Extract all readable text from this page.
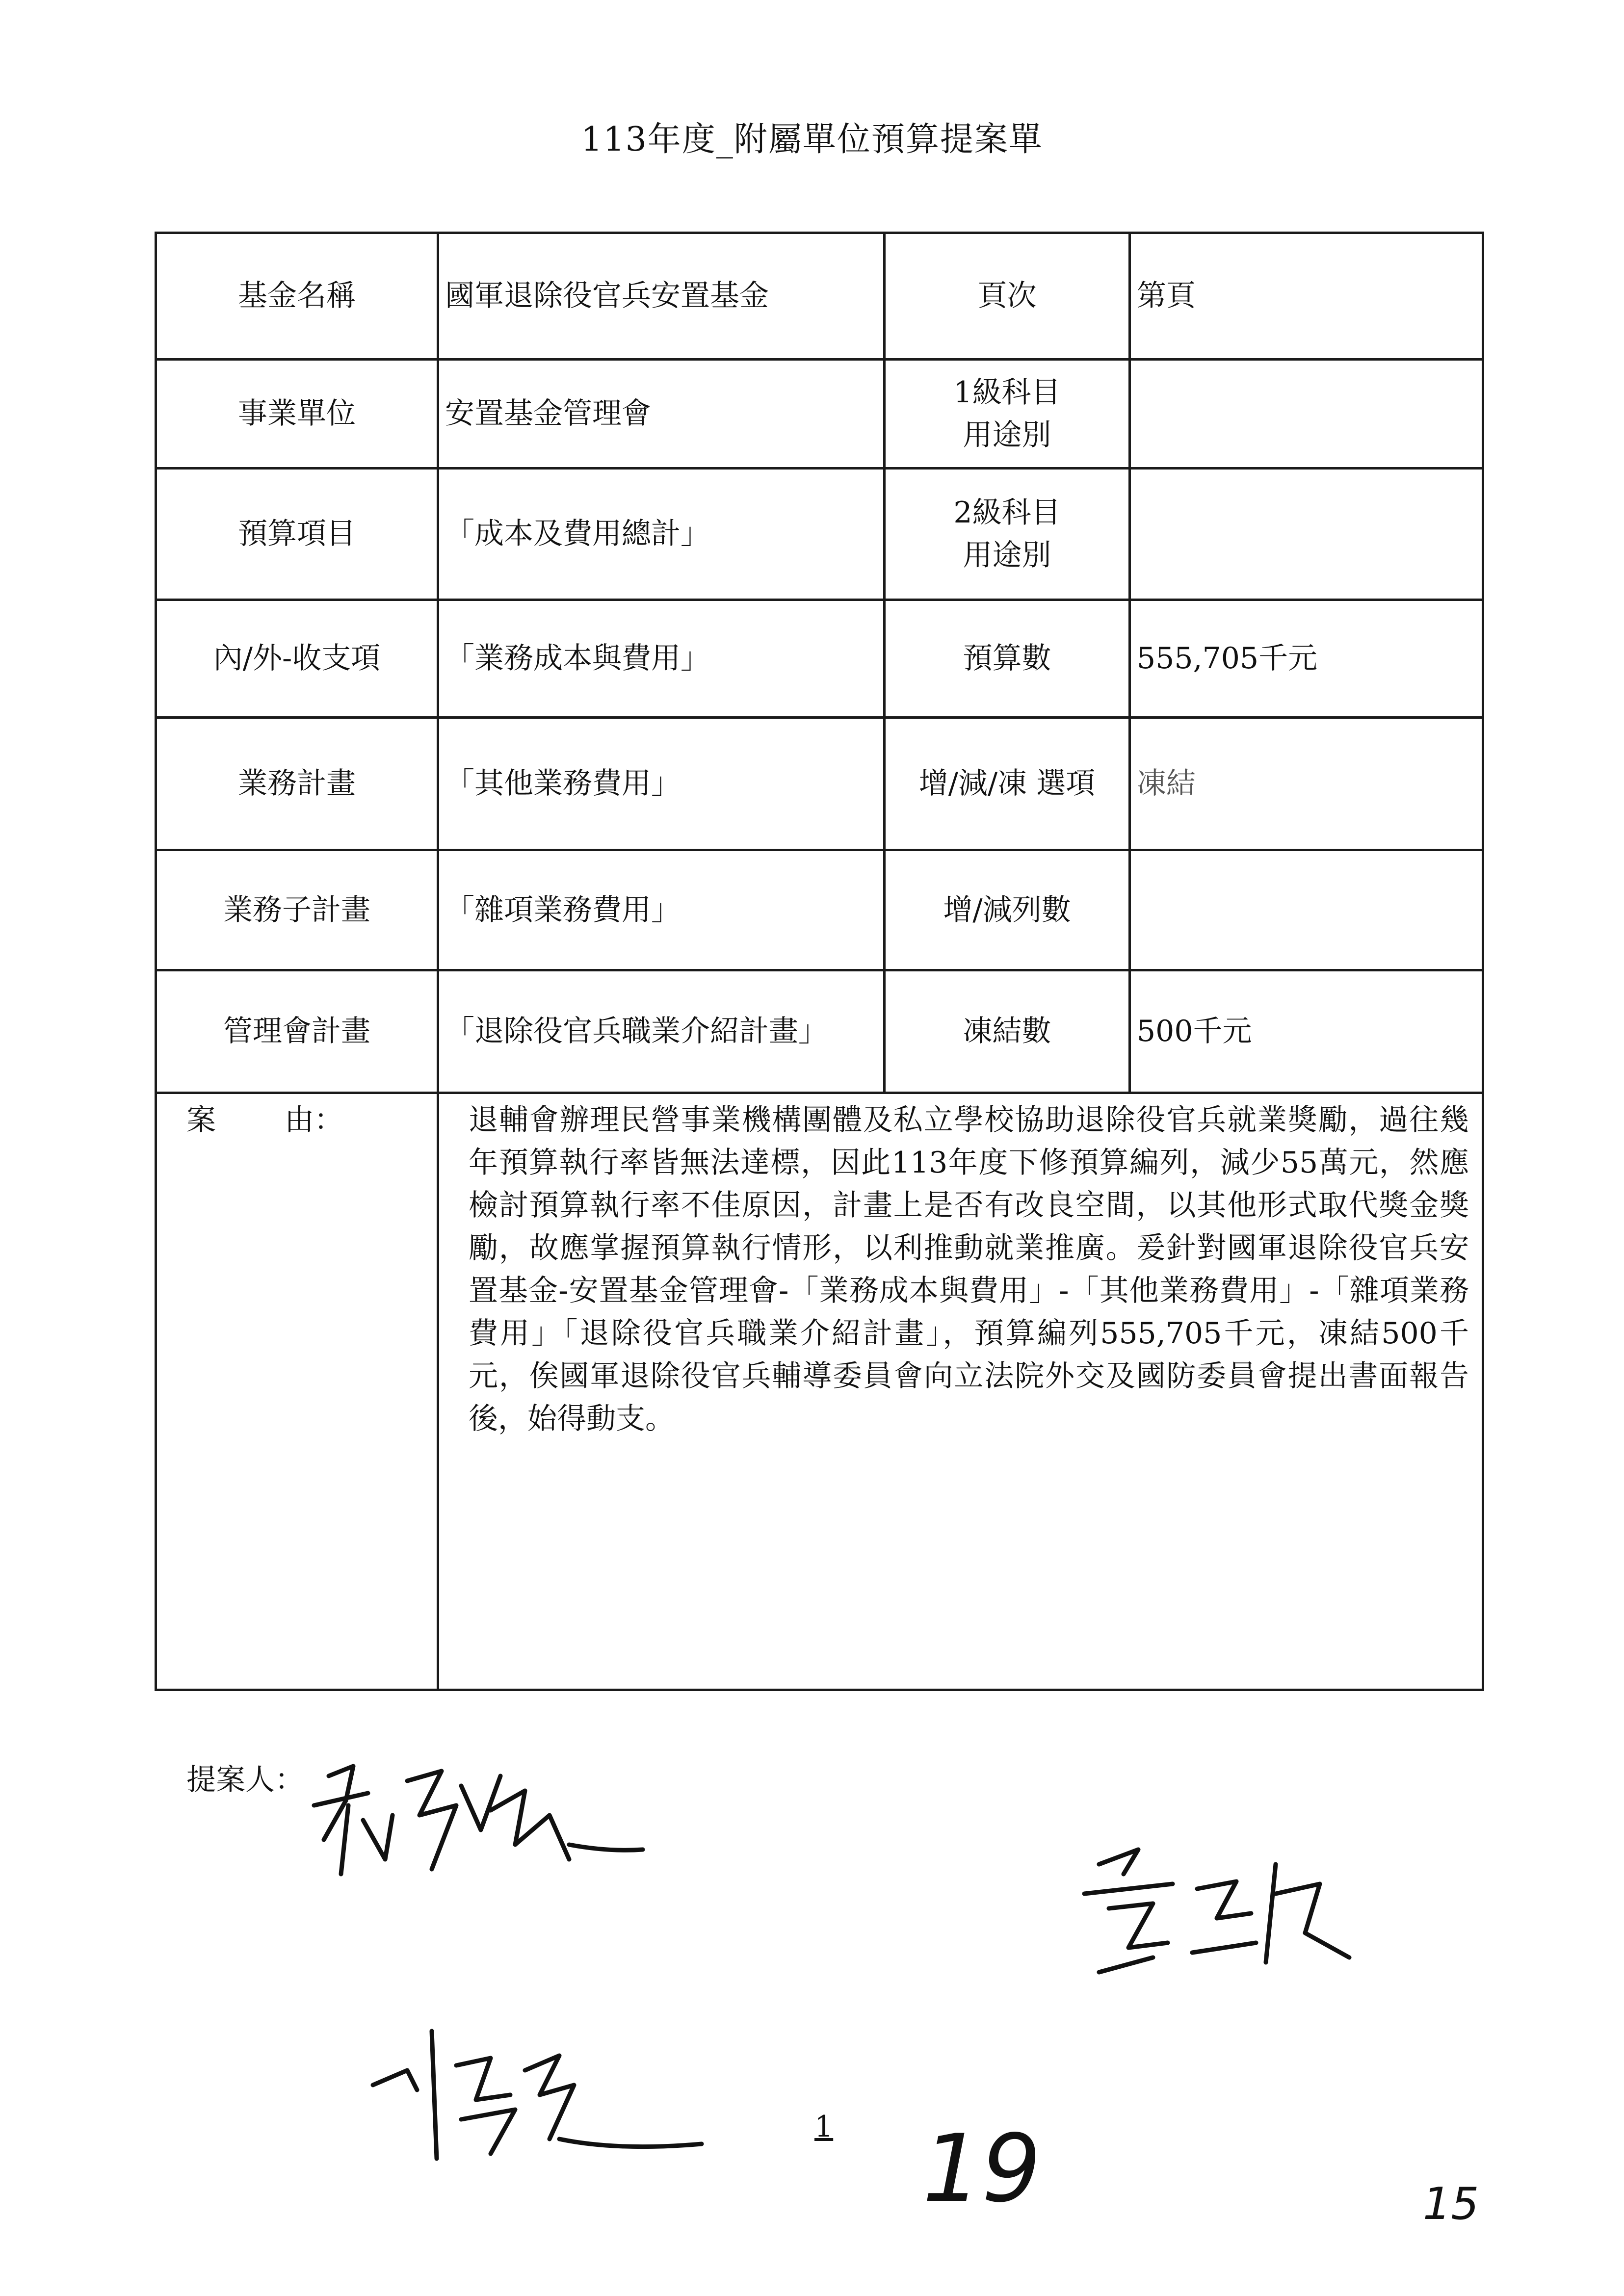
113年度_附屬單位預算提案單
基金名稱	國軍退除役官兵安置基金	頁次	第頁
事業單位	安置基金管理會	1級科目
用途別	
預算項目	「成本及費用總計」	2級科目
用途別	
內/外-收支項	「業務成本與費用」	預算數	555,705千元
業務計畫	「其他業務費用」	增/減/凍 選項	凍結
業務子計畫	「雜項業務費用」	增/減列數	
管理會計畫	「退除役官兵職業介紹計畫」	凍結數	500千元
案 由：	退輔會辦理民營事業機構團體及私立學校協助退除役官兵就業獎勵，過往幾年預算執行率皆無法達標，因此113年度下修預算編列，減少55萬元，然應檢討預算執行率不佳原因，計畫上是否有改良空間，以其他形式取代獎金獎勵，故應掌握預算執行情形，以利推動就業推廣。爰針對國軍退除役官兵安置基金-安置基金管理會-「業務成本與費用」-「其他業務費用」-「雜項業務費用」「退除役官兵職業介紹計畫」，預算編列555,705千元，凍結500千元，俟國軍退除役官兵輔導委員會向立法院外交及國防委員會提出書面報告後，始得動支。		
提案人：
1 19	15
